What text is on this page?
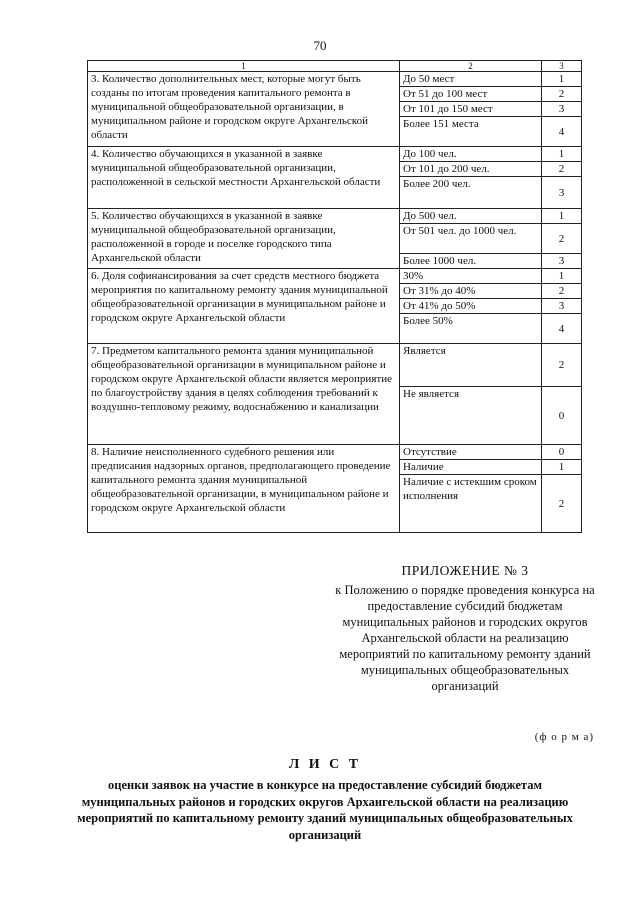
70
1	2	3
3. Количество дополнительных мест, которые могут быть созданы по итогам проведения капитального ремонта в муниципальной общеобразовательной организации, в муниципальном районе и городском округе Архангельской области	До 50 мест	1
	От 51 до 100 мест	2
	От 101 до 150 мест	3
	Более 151 места	4
4. Количество обучающихся в указанной в заявке муниципальной общеобразовательной организации, расположенной в сельской местности Архангельской области	До 100 чел.	1
	От 101 до 200 чел.	2
	Более 200 чел.	3
5. Количество обучающихся в указанной в заявке муниципальной общеобразовательной организации, расположенной в городе и поселке городского типа Архангельской области	До 500 чел.	1
	От 501 чел. до 1000 чел.	2
	Более 1000 чел.	3
6. Доля софинансирования за счет средств местного бюджета мероприятия по капитальному ремонту здания муниципальной общеобразовательной организации в муниципальном районе и городском округе Архангельской области	30%	1
	От 31% до 40%	2
	От 41% до 50%	3
	Более 50%	4
7. Предметом капитального ремонта здания муниципальной общеобразовательной организации в муниципальном районе и городском округе Архангельской области является мероприятие по благоустройству здания в целях соблюдения требований к воздушно-тепловому режиму, водоснабжению и канализации	Является	2
	Не является	0
8. Наличие неисполненного судебного решения или предписания надзорных органов, предполагающего проведение капитального ремонта здания муниципальной общеобразовательной организации, в муниципальном районе и городском округе Архангельской области	Отсутствие	0
	Наличие	1
	Наличие с истекшим сроком исполнения	2
ПРИЛОЖЕНИЕ № 3
к Положению о порядке проведения конкурса на предоставление субсидий бюджетам муниципальных районов и городских округов Архангельской области на реализацию мероприятий по капитальному ремонту зданий муниципальных общеобразовательных организаций
(ф о р м а)
Л И С Т
оценки заявок на участие в конкурсе на предоставление субсидий бюджетам муниципальных районов и городских округов Архангельской области на реализацию мероприятий по капитальному ремонту зданий муниципальных общеобразовательных организаций
